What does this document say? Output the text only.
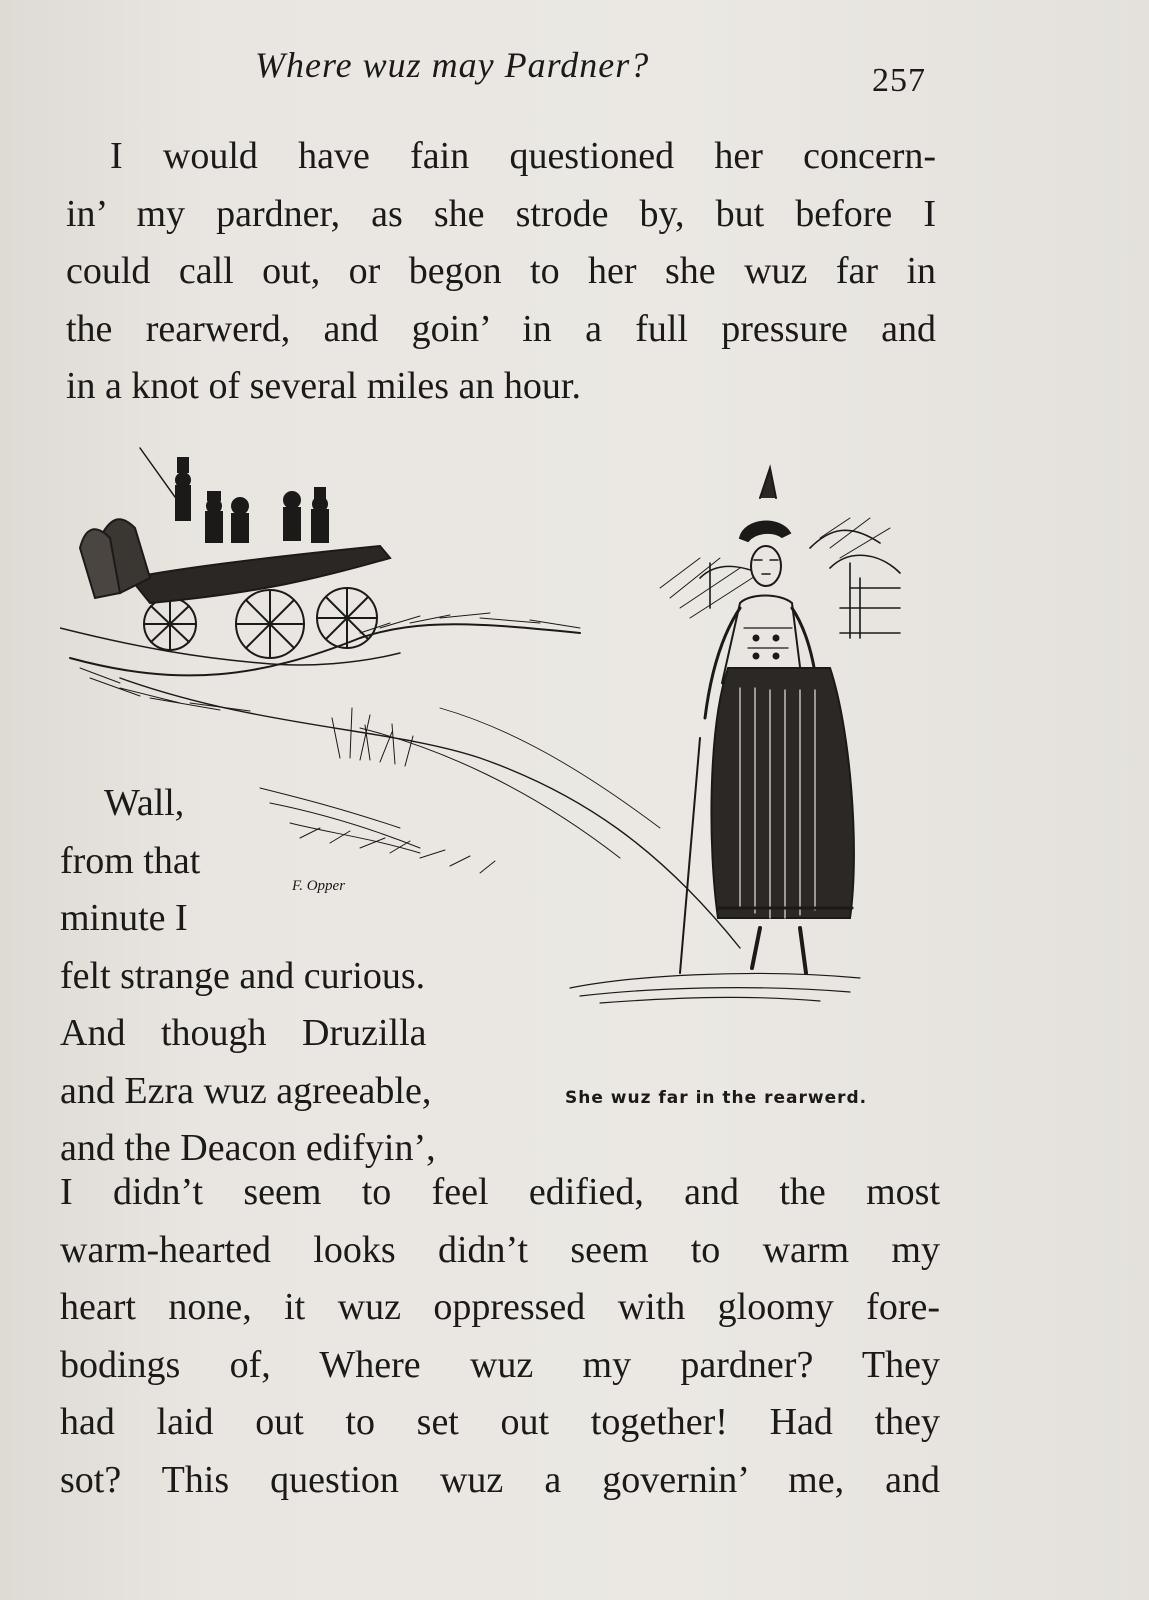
Where wuz may Pardner?	257
I would have fain questioned her concern-
in’ my pardner, as she strode by, but before I
could call out, or begon to her she wuz far in
the rearwerd, and goin’ in a full pressure and
in a knot of several miles an hour.
F. Opper
Wall,
from that
minute I
felt strange and curious.
And though Druzilla
and Ezra wuz agreeable,
and the Deacon edifyin’,
She wuz far in the rearwerd.
I didn’t seem to feel edified, and the most
warm-hearted looks didn’t seem to warm my
heart none, it wuz oppressed with gloomy fore-
bodings of, Where wuz my pardner? They
had laid out to set out together! Had they
sot? This question wuz a governin’ me, and
